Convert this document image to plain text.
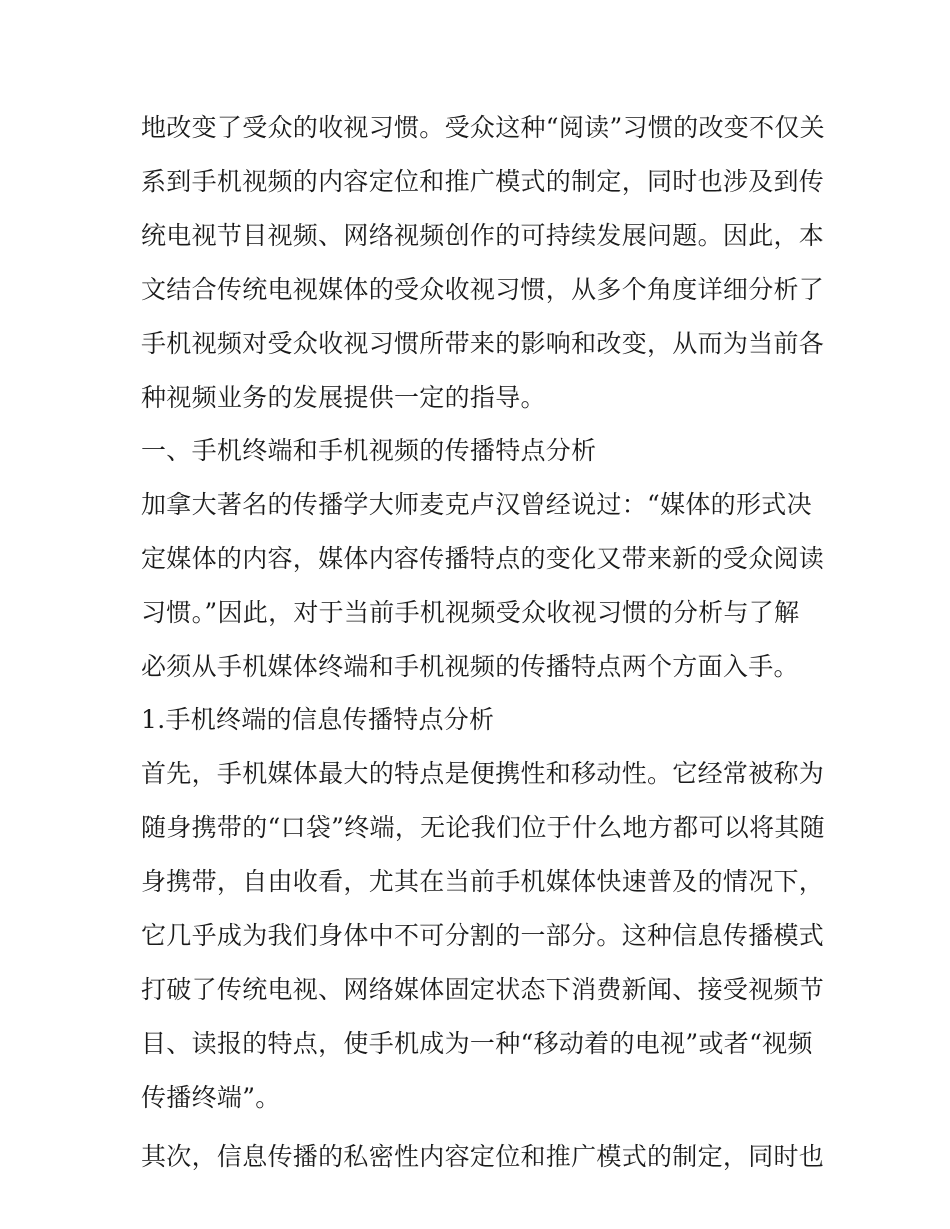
地改变了受众的收视习惯。受众这种“阅读”习惯的改变不仅关
系到手机视频的内容定位和推广模式的制定，同时也涉及到传
统电视节目视频、网络视频创作的可持续发展问题。因此，本
文结合传统电视媒体的受众收视习惯，从多个角度详细分析了
手机视频对受众收视习惯所带来的影响和改变，从而为当前各
种视频业务的发展提供一定的指导。
一、手机终端和手机视频的传播特点分析
加拿大著名的传播学大师麦克卢汉曾经说过：“媒体的形式决
定媒体的内容，媒体内容传播特点的变化又带来新的受众阅读
习惯。”因此，对于当前手机视频受众收视习惯的分析与了解
必须从手机媒体终端和手机视频的传播特点两个方面入手。
1.手机终端的信息传播特点分析
首先，手机媒体最大的特点是便携性和移动性。它经常被称为
随身携带的“口袋”终端，无论我们位于什么地方都可以将其随
身携带，自由收看，尤其在当前手机媒体快速普及的情况下，
它几乎成为我们身体中不可分割的一部分。这种信息传播模式
打破了传统电视、网络媒体固定状态下消费新闻、接受视频节
目、读报的特点，使手机成为一种“移动着的电视”或者“视频
传播终端”。
其次，信息传播的私密性内容定位和推广模式的制定，同时也
